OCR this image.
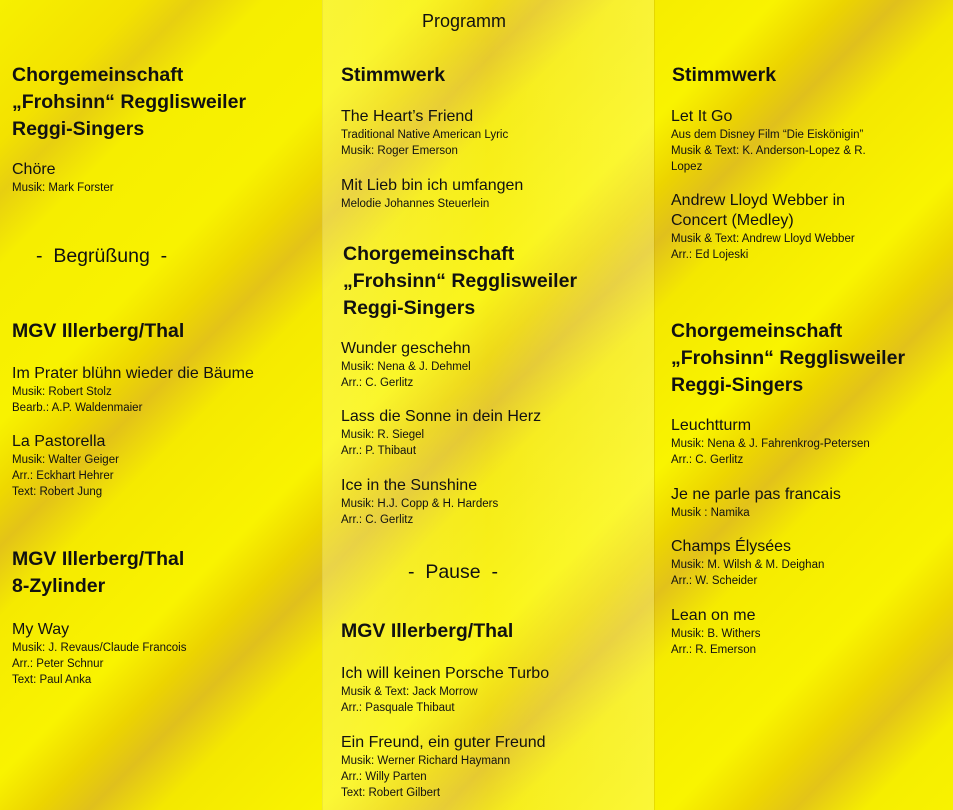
Chorgemeinschaft
„Frohsinn“ Regglisweiler
Reggi-Singers
Chöre
Musik: Mark Forster
-  Begrüßung  -
MGV Illerberg/Thal
Im Prater blühn wieder die Bäume
Musik: Robert Stolz
Bearb.: A.P. Waldenmaier
La Pastorella
Musik: Walter Geiger
Arr.: Eckhart Hehrer
Text: Robert Jung
MGV Illerberg/Thal
8-Zylinder
My Way
Musik: J. Revaus/Claude Francois
Arr.: Peter Schnur
Text: Paul Anka
Programm
Stimmwerk
The Heart’s Friend
Traditional Native American Lyric
Musik: Roger Emerson
Mit Lieb bin ich umfangen
Melodie Johannes Steuerlein
Chorgemeinschaft
„Frohsinn“ Regglisweiler
Reggi-Singers
Wunder geschehn
Musik: Nena & J. Dehmel
Arr.: C. Gerlitz
Lass die Sonne in dein Herz
Musik: R. Siegel
Arr.: P. Thibaut
Ice in the Sunshine
Musik: H.J. Copp & H. Harders
Arr.: C. Gerlitz
-  Pause  -
MGV Illerberg/Thal
Ich will keinen Porsche Turbo
Musik & Text: Jack Morrow
Arr.: Pasquale Thibaut
Ein Freund, ein guter Freund
Musik: Werner Richard Haymann
Arr.: Willy Parten
Text: Robert Gilbert
Stimmwerk
Let It Go
Aus dem Disney Film “Die Eiskönigin”
Musik & Text: K. Anderson-Lopez & R.
Lopez
Andrew Lloyd Webber in
Concert (Medley)
Musik & Text: Andrew Lloyd Webber
Arr.: Ed Lojeski
Chorgemeinschaft
„Frohsinn“ Regglisweiler
Reggi-Singers
Leuchtturm
Musik: Nena & J. Fahrenkrog-Petersen
Arr.: C. Gerlitz
Je ne parle pas francais
Musik : Namika
Champs Élysées
Musik: M. Wilsh & M. Deighan
Arr.: W. Scheider
Lean on me
Musik: B. Withers
Arr.: R. Emerson
